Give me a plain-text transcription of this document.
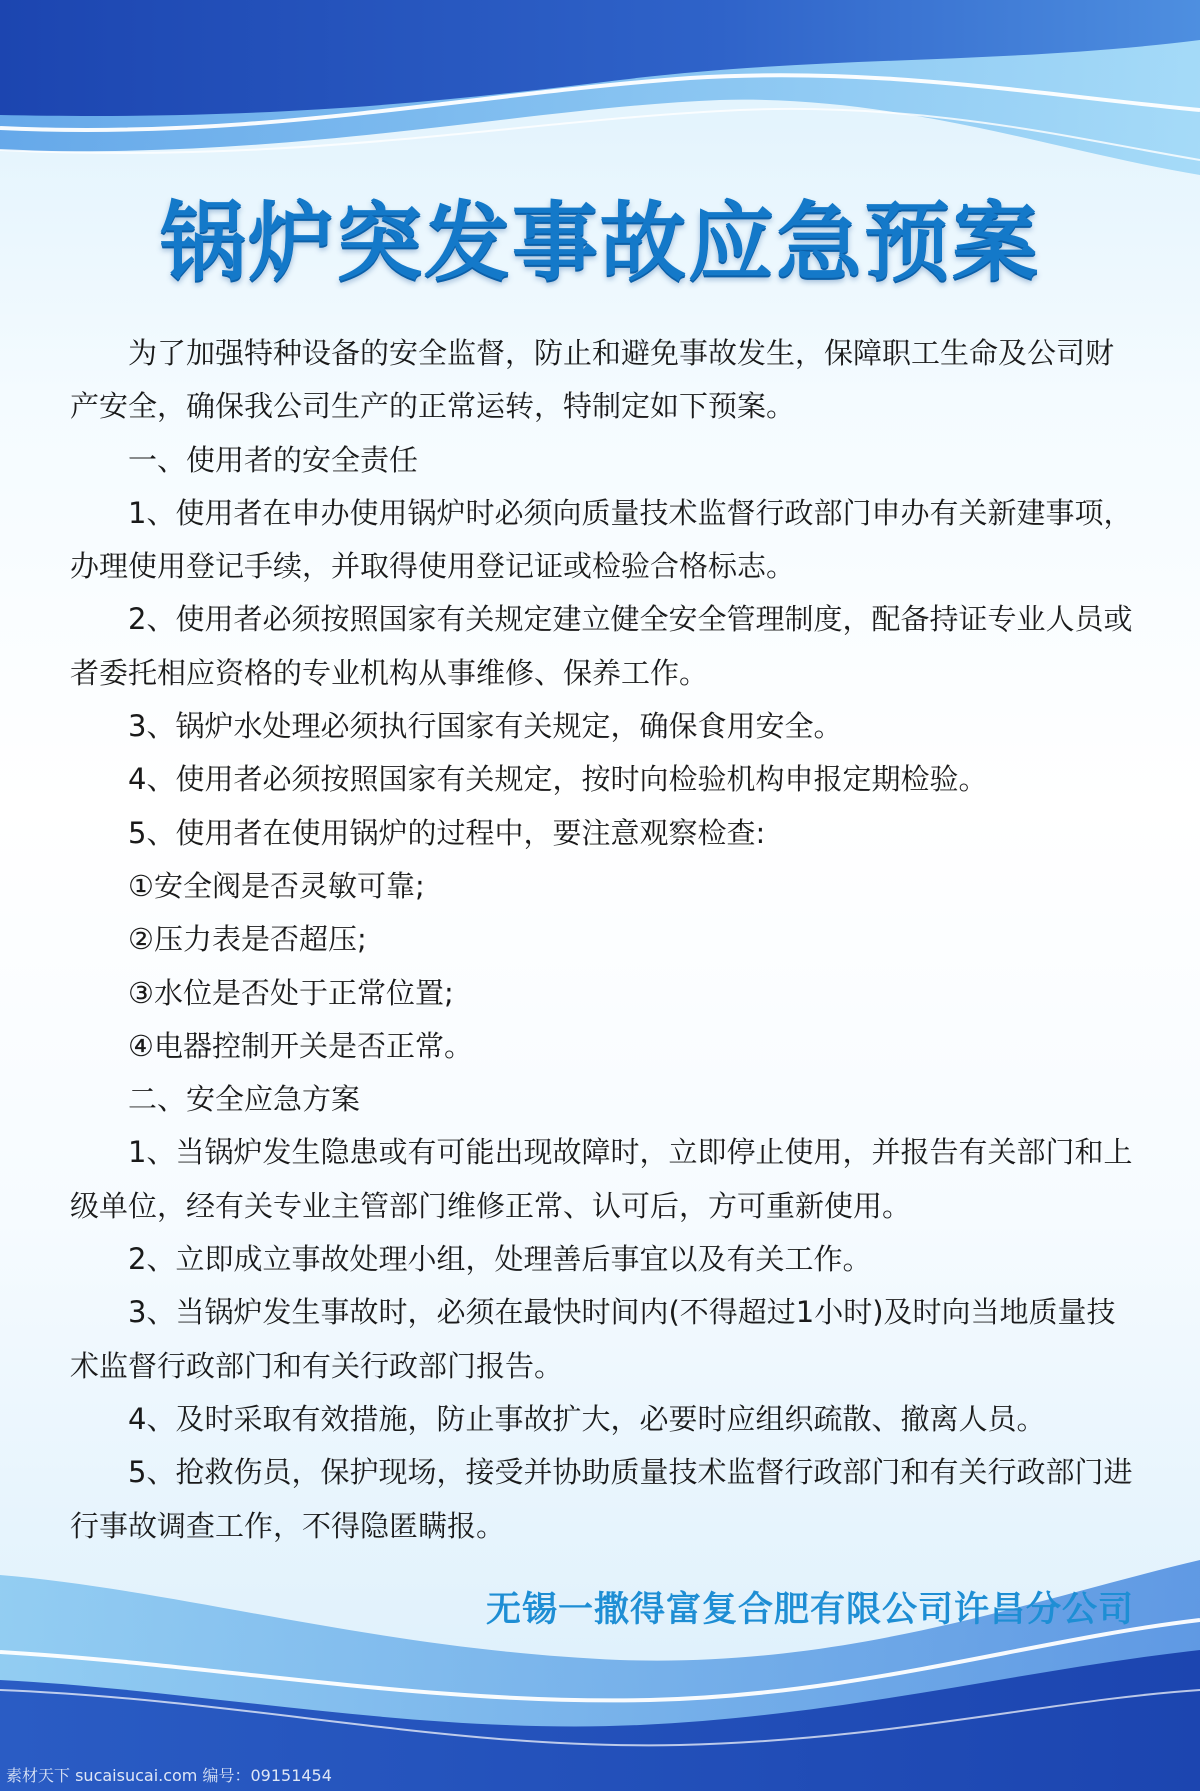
锅炉突发事故应急预案

为了加强特种设备的安全监督，防止和避免事故发生，保障职工生命及公司财产安全，确保我公司生产的正常运转，特制定如下预案。

一、使用者的安全责任

1、使用者在申办使用锅炉时必须向质量技术监督行政部门申办有关新建事项，办理使用登记手续，并取得使用登记证或检验合格标志。

2、使用者必须按照国家有关规定建立健全安全管理制度，配备持证专业人员或者委托相应资格的专业机构从事维修、保养工作。

3、锅炉水处理必须执行国家有关规定，确保食用安全。

4、使用者必须按照国家有关规定，按时向检验机构申报定期检验。

5、使用者在使用锅炉的过程中，要注意观察检查:

①安全阀是否灵敏可靠;

②压力表是否超压;

③水位是否处于正常位置;

④电器控制开关是否正常。

二、安全应急方案

1、当锅炉发生隐患或有可能出现故障时，立即停止使用，并报告有关部门和上级单位，经有关专业主管部门维修正常、认可后，方可重新使用。

2、立即成立事故处理小组，处理善后事宜以及有关工作。

3、当锅炉发生事故时，必须在最快时间内(不得超过1小时)及时向当地质量技术监督行政部门和有关行政部门报告。

4、及时采取有效措施，防止事故扩大，必要时应组织疏散、撤离人员。

5、抢救伤员，保护现场，接受并协助质量技术监督行政部门和有关行政部门进行事故调查工作，不得隐匿瞒报。

无锡一撒得富复合肥有限公司许昌分公司
素材天下 sucaisucai.com 编号：09151454
